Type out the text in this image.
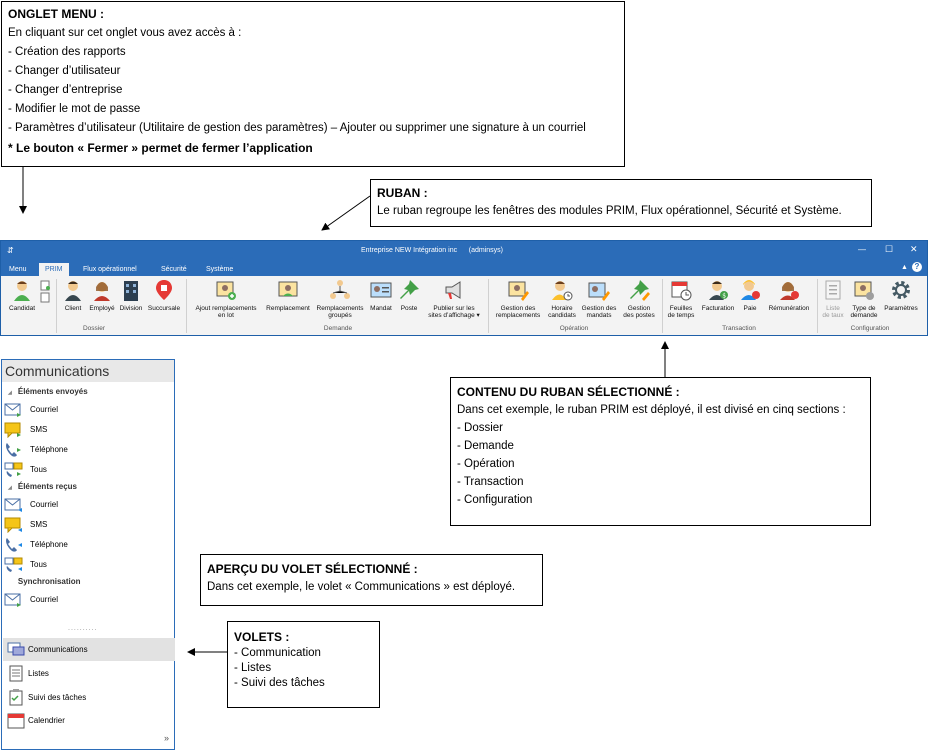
ONGLET MENU :

En cliquant sur cet onglet vous avez accès à :

- Création des rapports

- Changer d’utilisateur

- Changer d’entreprise

- Modifier le mot de passe

- Paramètres d’utilisateur (Utilitaire de gestion des paramètres) – Ajouter ou supprimer une signature à un courriel

* Le bouton « Fermer » permet de fermer l’application

RUBAN :

Le ruban regroupe les fenêtres des modules PRIM, Flux opérationnel, Sécurité et Système.

CONTENU DU RUBAN SÉLECTIONNÉ :

Dans cet exemple, le ruban PRIM est déployé, il est divisé en cinq sections :

- Dossier

- Demande

- Opération

- Transaction

- Configuration

APERÇU DU VOLET SÉLECTIONNÉ :

Dans cet exemple, le volet « Communications » est déployé.

VOLETS :

- Communication

- Listes

- Suivi des tâches

⇵	Entreprise NEW Intégration inc      (adminsys)	— ☐ ✕
Menu	PRIM	Flux opérationnel	Sécurité	Système	▲ ?
Candidat	Client	Employé Division Succursale	Ajout remplacements
en lot
Remplacement	Remplacements
groupés
Mandat	Poste	Publier sur les
sites d’affichage ▾
Gestion des
remplacements
Horaire
candidats
Gestion des
mandats
Gestion
des postes
Feuilles
de temps
$
Facturation	Paie	Rémunération	Liste
de taux
Type de
demande
Paramètres
Dossier	Demande	Opération	Transaction	Configuration
Communications
◢ Éléments envoyés
Courriel
SMS
Téléphone
Tous
◢ Éléments reçus
Courriel
SMS
Téléphone
Tous
Synchronisation
Courriel
..........
Communications
Listes
Suivi des tâches
Calendrier
»
